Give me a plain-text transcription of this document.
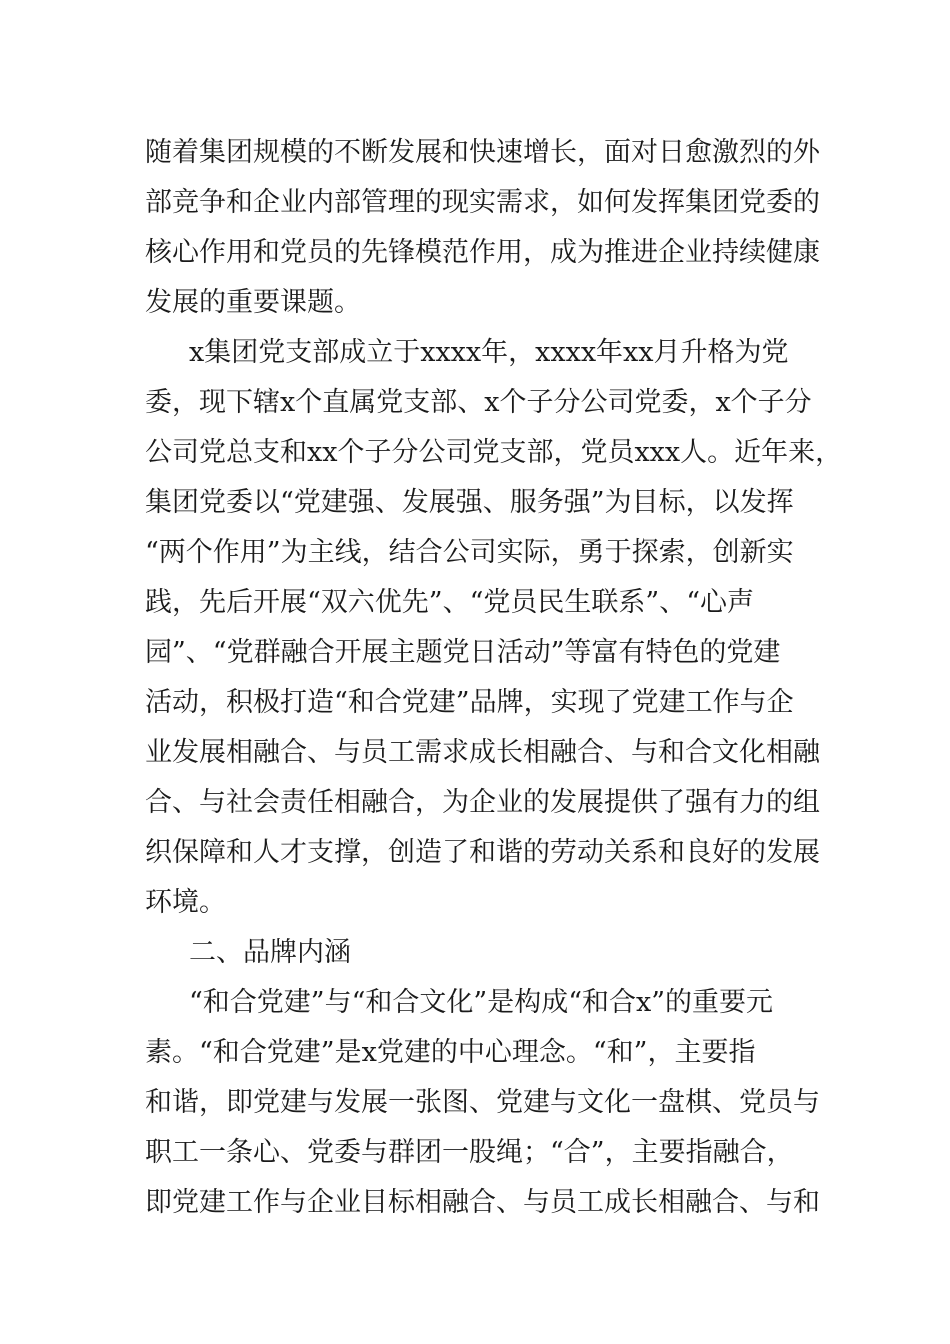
随着集团规模的不断发展和快速增长，面对日愈激烈的外
部竞争和企业内部管理的现实需求，如何发挥集团党委的
核心作用和党员的先锋模范作用，成为推进企业持续健康
发展的重要课题。
x集团党支部成立于xxxx年，xxxx年xx月升格为党
委，现下辖x个直属党支部、x个子分公司党委，x个子分
公司党总支和xx个子分公司党支部，党员xxx人。近年来，
集团党委以“党建强、发展强、服务强”为目标，以发挥
“两个作用”为主线，结合公司实际，勇于探索，创新实
践，先后开展“双六优先”、“党员民生联系”、“心声
园”、“党群融合开展主题党日活动”等富有特色的党建
活动，积极打造“和合党建”品牌，实现了党建工作与企
业发展相融合、与员工需求成长相融合、与和合文化相融
合、与社会责任相融合，为企业的发展提供了强有力的组
织保障和人才支撑，创造了和谐的劳动关系和良好的发展
环境。
二、品牌内涵
“和合党建”与“和合文化”是构成“和合x”的重要元
素。“和合党建”是x党建的中心理念。“和”，主要指
和谐，即党建与发展一张图、党建与文化一盘棋、党员与
职工一条心、党委与群团一股绳；“合”，主要指融合，
即党建工作与企业目标相融合、与员工成长相融合、与和
